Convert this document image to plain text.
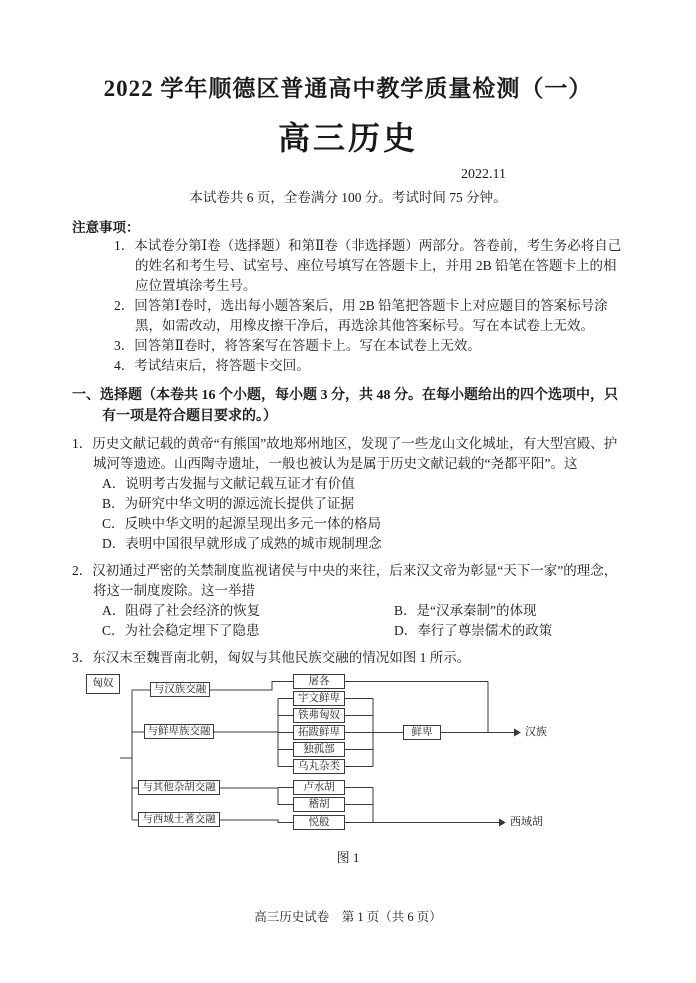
2022 学年顺德区普通高中教学质量检测（一）
高三历史
2022.11
本试卷共 6 页，全卷满分 100 分。考试时间 75 分钟。
注意事项：
1．本试卷分第Ⅰ卷（选择题）和第Ⅱ卷（非选择题）两部分。答卷前，考生务必将自己的姓名和考生号、试室号、座位号填写在答题卡上，并用 2B 铅笔在答题卡上的相应位置填涂考生号。
2．回答第Ⅰ卷时，选出每小题答案后，用 2B 铅笔把答题卡上对应题目的答案标号涂黑，如需改动，用橡皮擦干净后，再选涂其他答案标号。写在本试卷上无效。
3．回答第Ⅱ卷时，将答案写在答题卡上。写在本试卷上无效。
4．考试结束后，将答题卡交回。
一、选择题（本卷共 16 个小题，每小题 3 分，共 48 分。在每小题给出的四个选项中，只有一项是符合题目要求的。）
1．历史文献记载的黄帝“有熊国”故地郑州地区，发现了一些龙山文化城址，有大型宫殿、护城河等遗迹。山西陶寺遗址，一般也被认为是属于历史文献记载的“尧都平阳”。这
A．说明考古发掘与文献记载互证才有价值
B．为研究中华文明的源远流长提供了证据
C．反映中华文明的起源呈现出多元一体的格局
D．表明中国很早就形成了成熟的城市规制理念
2．汉初通过严密的关禁制度监视诸侯与中央的来往，后来汉文帝为彰显“天下一家”的理念，将这一制度废除。这一举措
A．阻碍了社会经济的恢复	B．是“汉承秦制”的体现
C．为社会稳定埋下了隐患	D．奉行了尊崇儒术的政策
3．东汉末至魏晋南北朝，匈奴与其他民族交融的情况如图 1 所示。
匈奴
与汉族交融
与鲜卑族交融
与其他杂胡交融
与西域土著交融
屠各
宇文鲜卑
铁弗匈奴
拓跋鲜卑
独孤部
乌丸杂类
卢水胡
稽胡
悦般
鲜卑	汉族
西域胡
图 1
高三历史试卷　第 1 页（共 6 页）
